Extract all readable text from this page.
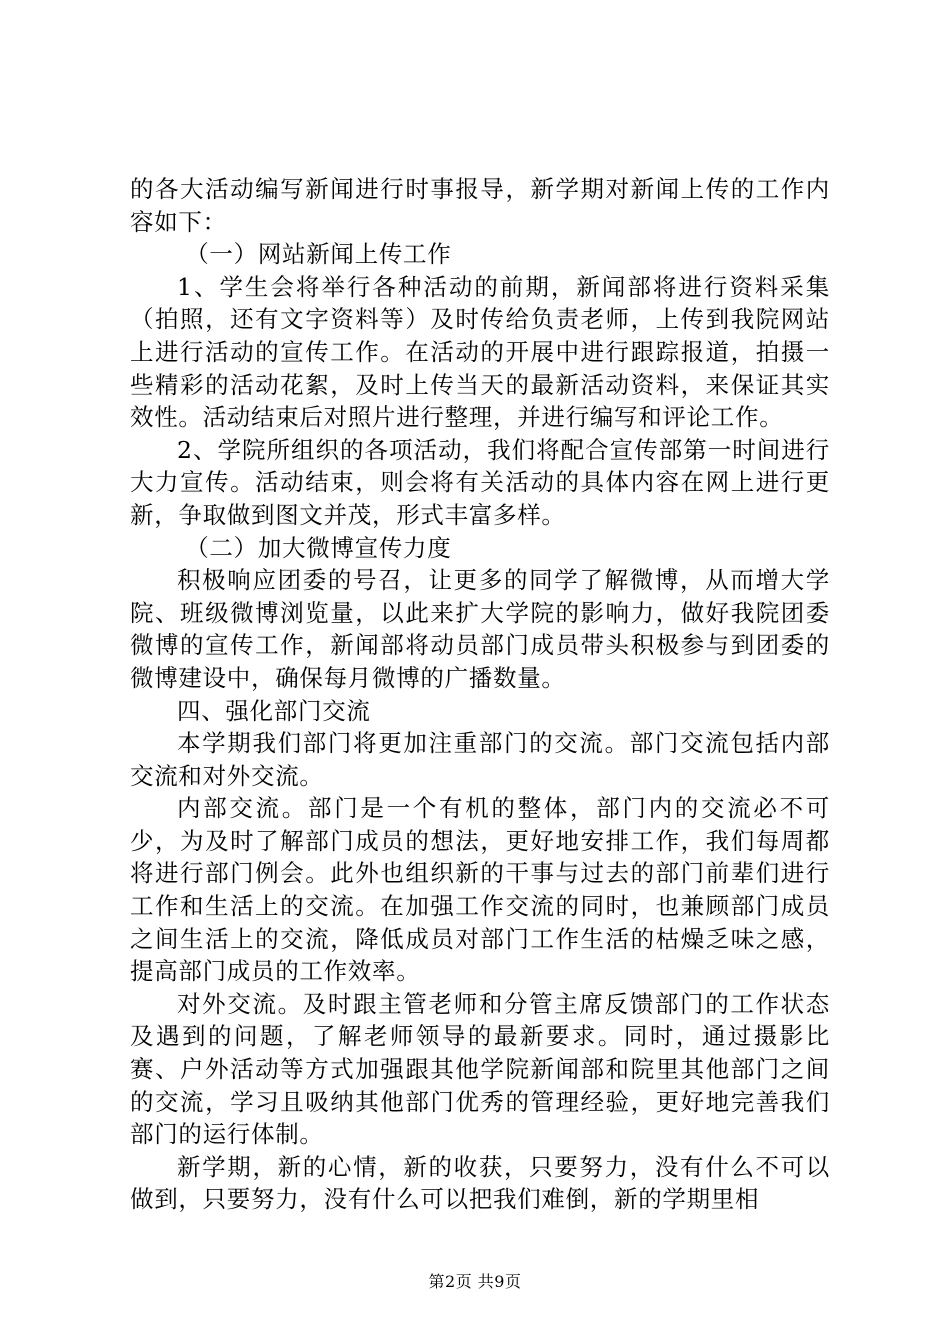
的各大活动编写新闻进行时事报导，新学期对新闻上传的工作内容如下：

（一）网站新闻上传工作

1、学生会将举行各种活动的前期，新闻部将进行资料采集（拍照，还有文字资料等）及时传给负责老师，上传到我院网站上进行活动的宣传工作。在活动的开展中进行跟踪报道，拍摄一些精彩的活动花絮，及时上传当天的最新活动资料，来保证其实效性。活动结束后对照片进行整理，并进行编写和评论工作。

2、学院所组织的各项活动，我们将配合宣传部第一时间进行大力宣传。活动结束，则会将有关活动的具体内容在网上进行更新，争取做到图文并茂，形式丰富多样。

（二）加大微博宣传力度

积极响应团委的号召，让更多的同学了解微博，从而增大学院、班级微博浏览量，以此来扩大学院的影响力，做好我院团委微博的宣传工作，新闻部将动员部门成员带头积极参与到团委的微博建设中，确保每月微博的广播数量。

四、强化部门交流

本学期我们部门将更加注重部门的交流。部门交流包括内部交流和对外交流。

内部交流。部门是一个有机的整体，部门内的交流必不可少，为及时了解部门成员的想法，更好地安排工作，我们每周都将进行部门例会。此外也组织新的干事与过去的部门前辈们进行工作和生活上的交流。在加强工作交流的同时，也兼顾部门成员之间生活上的交流，降低成员对部门工作生活的枯燥乏味之感，提高部门成员的工作效率。

对外交流。及时跟主管老师和分管主席反馈部门的工作状态及遇到的问题，了解老师领导的最新要求。同时，通过摄影比赛、户外活动等方式加强跟其他学院新闻部和院里其他部门之间的交流，学习且吸纳其他部门优秀的管理经验，更好地完善我们部门的运行体制。

新学期，新的心情，新的收获，只要努力，没有什么不可以做到，只要努力，没有什么可以把我们难倒，新的学期里相

第2页 共9页
